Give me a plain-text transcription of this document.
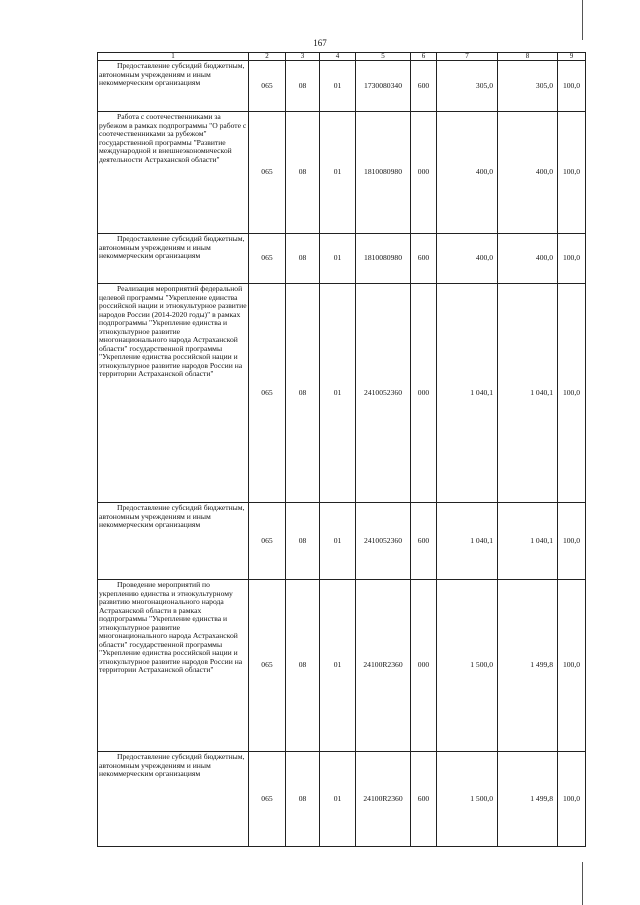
167
1	2	3	4	5	6	7	8	9
Предоставление субсидий бюджетным, автономным учреждениям и иным некоммерческим организациям	065	08	01	1730080340	600	305,0	305,0	100,0
Работа с соотечественниками за рубежом в рамках подпрограммы "О работе с соотечественниками за рубежом" государственной программы "Развитие международной и внешнеэкономической деятельности Астраханской области"	065	08	01	1810080980	000	400,0	400,0	100,0
Предоставление субсидий бюджетным, автономным учреждениям и иным некоммерческим организациям	065	08	01	1810080980	600	400,0	400,0	100,0
Реализация мероприятий федеральной целевой программы "Укрепление единства российской нации и этнокультурное развитие народов России (2014-2020 годы)" в рамках подпрограммы "Укрепление единства и этнокультурное развитие многонационального народа Астраханской области" государственной программы "Укрепление единства российской нации и этнокультурное развитие народов России на территории Астраханской области"	065	08	01	2410052360	000	1 040,1	1 040,1	100,0
Предоставление субсидий бюджетным, автономным учреждениям и иным некоммерческим организациям	065	08	01	2410052360	600	1 040,1	1 040,1	100,0
Проведение мероприятий по укреплению единства и этнокультурному развитию многонационального народа Астраханской области в рамках подпрограммы "Укрепление единства и этнокультурное развитие многонационального народа Астраханской области" государственной программы "Укрепление единства российской нации и этнокультурное развитие народов России на территории Астраханской области"	065	08	01	24100R2360	000	1 500,0	1 499,8	100,0
Предоставление субсидий бюджетным, автономным учреждениям и иным некоммерческим организациям	065	08	01	24100R2360	600	1 500,0	1 499,8	100,0
